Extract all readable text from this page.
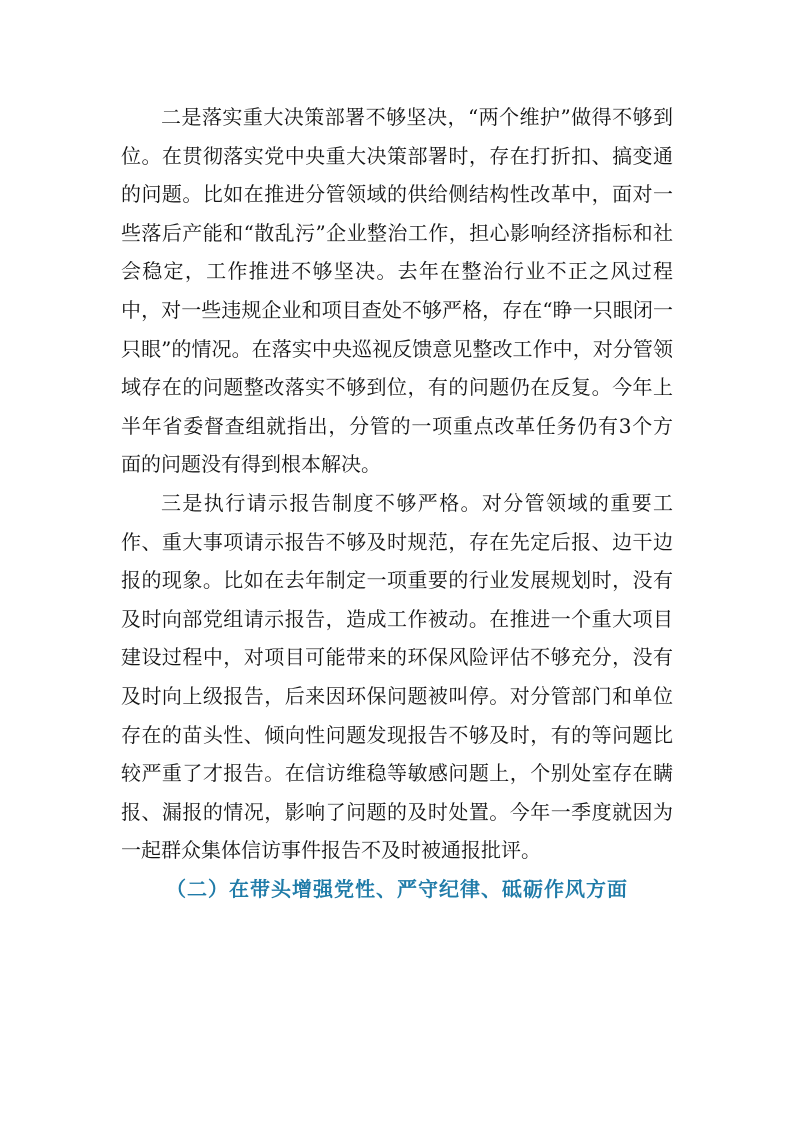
二是落实重大决策部署不够坚决，“两个维护”做得不够到位。在贯彻落实党中央重大决策部署时，存在打折扣、搞变通的问题。比如在推进分管领域的供给侧结构性改革中，面对一些落后产能和“散乱污”企业整治工作，担心影响经济指标和社会稳定，工作推进不够坚决。去年在整治行业不正之风过程中，对一些违规企业和项目查处不够严格，存在“睁一只眼闭一只眼”的情况。在落实中央巡视反馈意见整改工作中，对分管领域存在的问题整改落实不够到位，有的问题仍在反复。今年上半年省委督查组就指出，分管的一项重点改革任务仍有3个方面的问题没有得到根本解决。

三是执行请示报告制度不够严格。对分管领域的重要工作、重大事项请示报告不够及时规范，存在先定后报、边干边报的现象。比如在去年制定一项重要的行业发展规划时，没有及时向部党组请示报告，造成工作被动。在推进一个重大项目建设过程中，对项目可能带来的环保风险评估不够充分，没有及时向上级报告，后来因环保问题被叫停。对分管部门和单位存在的苗头性、倾向性问题发现报告不够及时，有的等问题比较严重了才报告。在信访维稳等敏感问题上，个别处室存在瞒报、漏报的情况，影响了问题的及时处置。今年一季度就因为一起群众集体信访事件报告不及时被通报批评。

（二）在带头增强党性、严守纪律、砥砺作风方面
